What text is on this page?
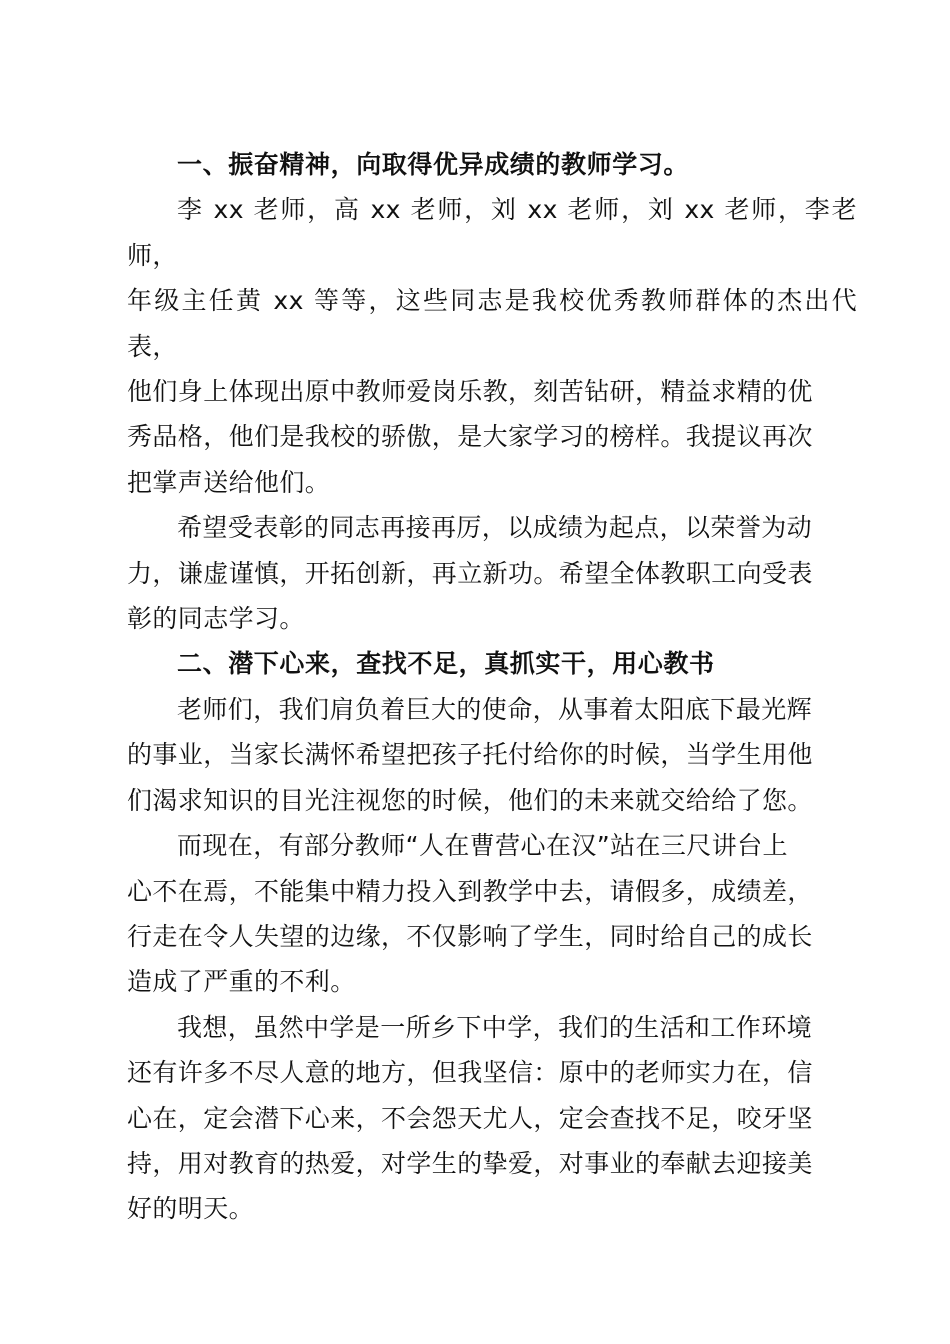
一、振奋精神，向取得优异成绩的教师学习。

李 xx 老师，高 xx 老师，刘 xx 老师，刘 xx 老师，李老师，
年级主任黄 xx 等等，这些同志是我校优秀教师群体的杰出代表，
他们身上体现出原中教师爱岗乐教，刻苦钻研，精益求精的优
秀品格，他们是我校的骄傲，是大家学习的榜样。我提议再次
把掌声送给他们。

希望受表彰的同志再接再厉，以成绩为起点，以荣誉为动
力，谦虚谨慎，开拓创新，再立新功。希望全体教职工向受表
彰的同志学习。

二、潜下心来，查找不足，真抓实干，用心教书

老师们，我们肩负着巨大的使命，从事着太阳底下最光辉
的事业，当家长满怀希望把孩子托付给你的时候，当学生用他
们渴求知识的目光注视您的时候，他们的未来就交给给了您。

而现在，有部分教师“人在曹营心在汉”站在三尺讲台上
心不在焉，不能集中精力投入到教学中去，请假多，成绩差，
行走在令人失望的边缘，不仅影响了学生，同时给自己的成长
造成了严重的不利。

我想，虽然中学是一所乡下中学，我们的生活和工作环境
还有许多不尽人意的地方，但我坚信：原中的老师实力在，信
心在，定会潜下心来，不会怨天尤人，定会查找不足，咬牙坚
持，用对教育的热爱，对学生的挚爱，对事业的奉献去迎接美
好的明天。
